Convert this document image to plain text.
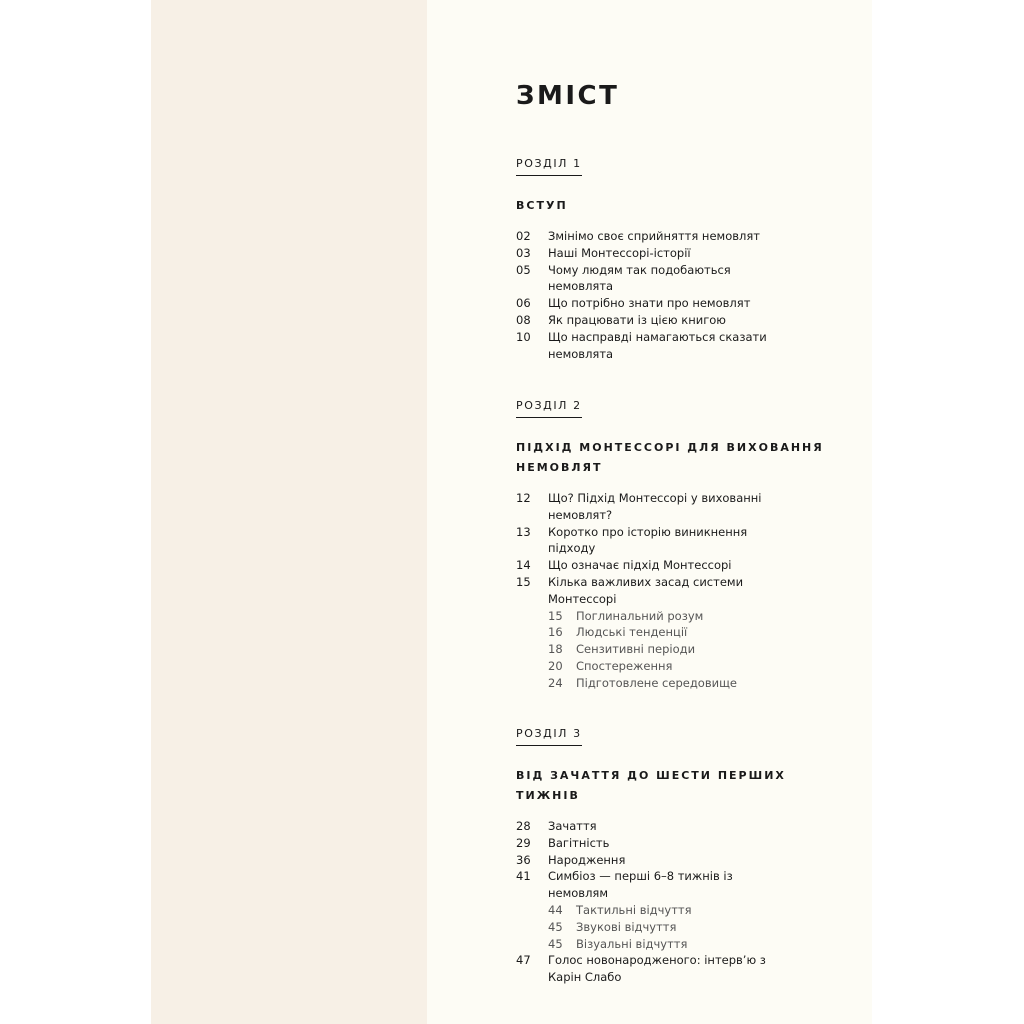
ЗМІСТ
РОЗДІЛ 1
ВСТУП
02 Змінімо своє сприйняття немовлят
03 Наші Монтессорі-історії
05 Чому людям так подобаються немовлята
06 Що потрібно знати про немовлят
08 Як працювати із цією книгою
10 Що насправді намагаються сказати немовлята
РОЗДІЛ 2
ПІДХІД МОНТЕССОРІ ДЛЯ ВИХОВАННЯ НЕМОВЛЯТ
12 Що? Підхід Монтессорі у вихованні немовлят?
13 Коротко про історію виникнення підходу
14 Що означає підхід Монтессорі
15 Кілька важливих засад системи Монтессорі
15 Поглинальний розум
16 Людські тенденції
18 Сензитивні періоди
20 Спостереження
24 Підготовлене середовище
РОЗДІЛ 3
ВІД ЗАЧАТТЯ ДО ШЕСТИ ПЕРШИХ ТИЖНІВ
28 Зачаття
29 Вагітність
36 Народження
41 Симбіоз — перші 6–8 тижнів із немовлям
44 Тактильні відчуття
45 Звукові відчуття
45 Візуальні відчуття
47 Голос новонародженого: інтерв’ю з Карін Слабо
